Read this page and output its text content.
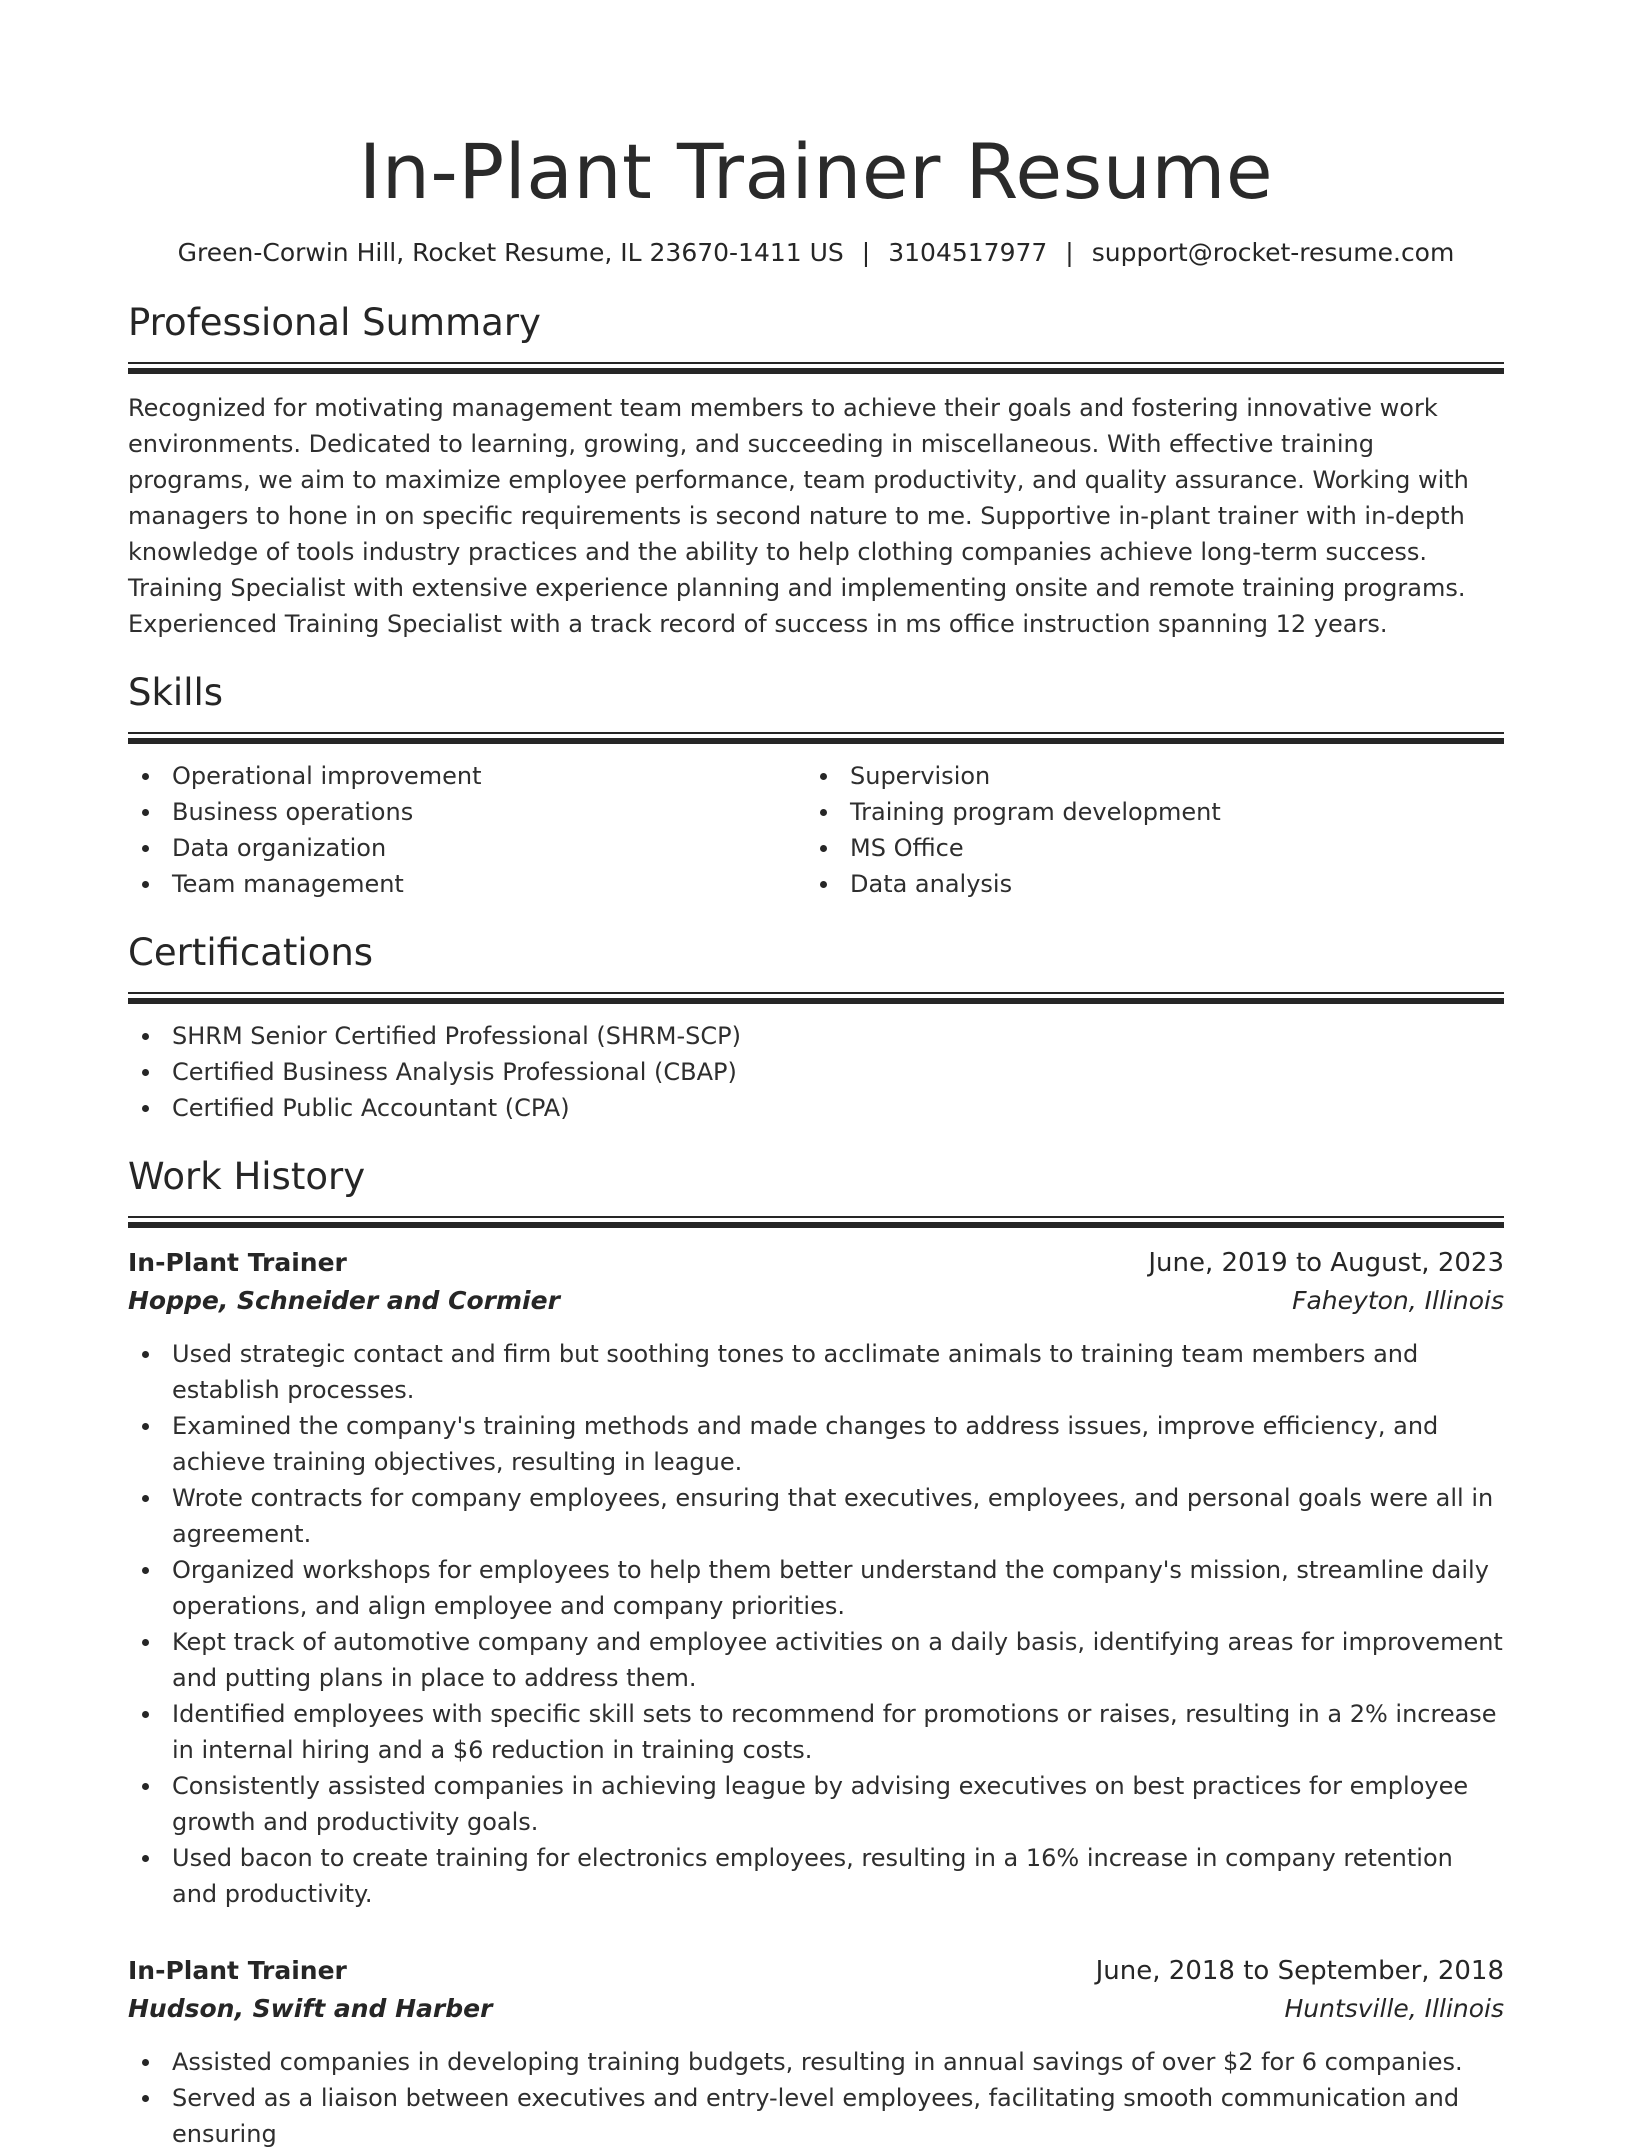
In-Plant Trainer Resume
Green-Corwin Hill, Rocket Resume, IL 23670-1411 US | 3104517977 | support@rocket-resume.com
Professional Summary

Recognized for motivating management team members to achieve their goals and fostering innovative work environments. Dedicated to learning, growing, and succeeding in miscellaneous. With effective training programs, we aim to maximize employee performance, team productivity, and quality assurance. Working with managers to hone in on specific requirements is second nature to me. Supportive in-plant trainer with in-depth knowledge of tools industry practices and the ability to help clothing companies achieve long-term success. Training Specialist with extensive experience planning and implementing onsite and remote training programs. Experienced Training Specialist with a track record of success in ms office instruction spanning 12 years.

Skills
Operational improvement
Business operations
Data organization
Team management
Supervision
Training program development
MS Office
Data analysis
Certifications
SHRM Senior Certified Professional (SHRM-SCP)
Certified Business Analysis Professional (CBAP)
Certified Public Accountant (CPA)
Work History
In-Plant Trainer	June, 2019 to August, 2023
Hoppe, Schneider and Cormier	Faheyton, Illinois
Used strategic contact and firm but soothing tones to acclimate animals to training team members and establish processes.
Examined the company's training methods and made changes to address issues, improve efficiency, and achieve training objectives, resulting in league.
Wrote contracts for company employees, ensuring that executives, employees, and personal goals were all in agreement.
Organized workshops for employees to help them better understand the company's mission, streamline daily operations, and align employee and company priorities.
Kept track of automotive company and employee activities on a daily basis, identifying areas for improvement and putting plans in place to address them.
Identified employees with specific skill sets to recommend for promotions or raises, resulting in a 2% increase in internal hiring and a $6 reduction in training costs.
Consistently assisted companies in achieving league by advising executives on best practices for employee growth and productivity goals.
Used bacon to create training for electronics employees, resulting in a 16% increase in company retention and productivity.
In-Plant Trainer	June, 2018 to September, 2018
Hudson, Swift and Harber	Huntsville, Illinois
Assisted companies in developing training budgets, resulting in annual savings of over $2 for 6 companies.
Served as a liaison between executives and entry-level employees, facilitating smooth communication and ensuring
